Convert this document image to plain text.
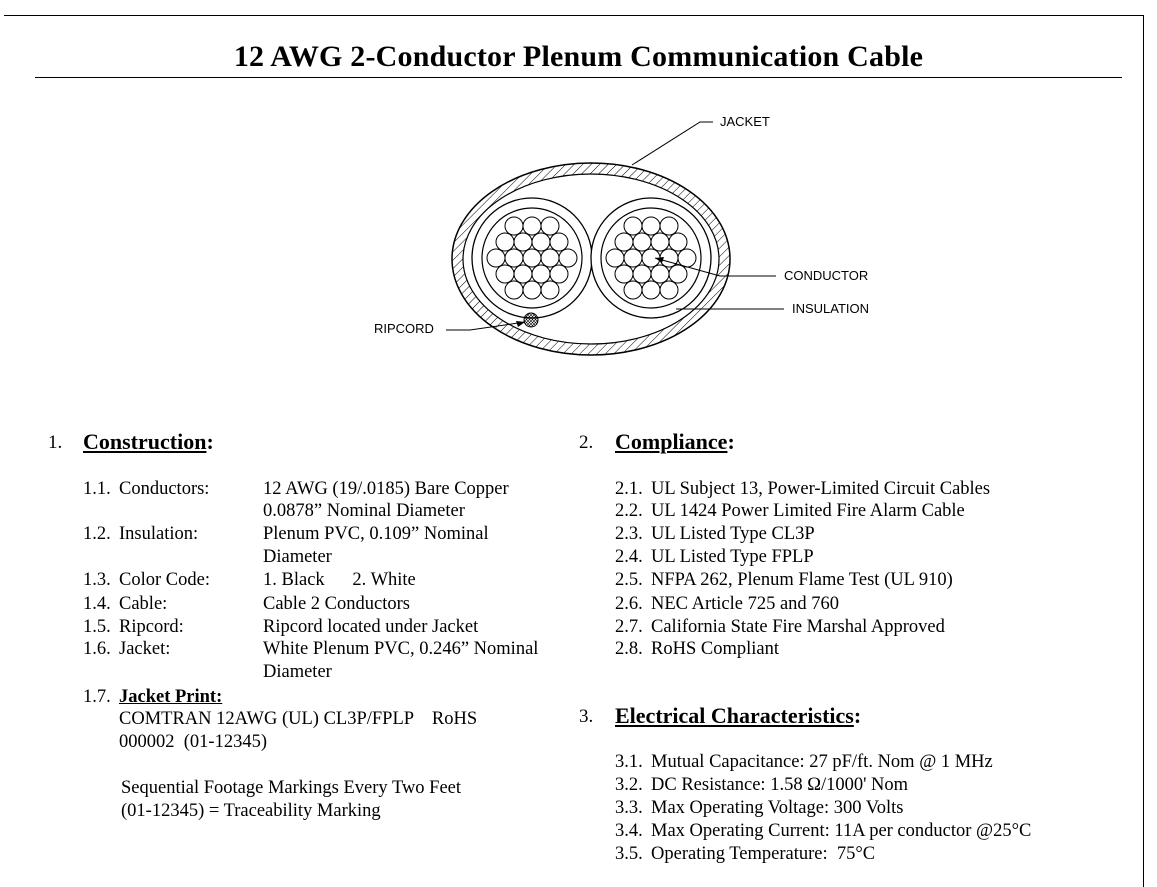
12 AWG 2-Conductor Plenum Communication Cable
JACKET
CONDUCTOR
INSULATION
RIPCORD
1. Construction:
1.1. Conductors:	12 AWG (19/.0185) Bare Copper
0.0878” Nominal Diameter
1.2. Insulation:	Plenum PVC, 0.109” Nominal
Diameter
1.3. Color Code:	1. Black      2. White
1.4. Cable:	Cable 2 Conductors
1.5. Ripcord:	Ripcord located under Jacket
1.6. Jacket:	White Plenum PVC, 0.246” Nominal
Diameter
1.7. Jacket Print:
COMTRAN 12AWG (UL) CL3P/FPLP    RoHS
000002  (01-12345)
Sequential Footage Markings Every Two Feet
(01-12345) = Traceability Marking
2. Compliance:
2.1. UL Subject 13, Power-Limited Circuit Cables
2.2. UL 1424 Power Limited Fire Alarm Cable
2.3. UL Listed Type CL3P
2.4. UL Listed Type FPLP
2.5. NFPA 262, Plenum Flame Test (UL 910)
2.6. NEC Article 725 and 760
2.7. California State Fire Marshal Approved
2.8. RoHS Compliant
3. Electrical Characteristics:
3.1. Mutual Capacitance: 27 pF/ft. Nom @ 1 MHz
3.2. DC Resistance: 1.58 Ω/1000' Nom
3.3. Max Operating Voltage: 300 Volts
3.4. Max Operating Current: 11A per conductor @25°C
3.5. Operating Temperature:  75°C
